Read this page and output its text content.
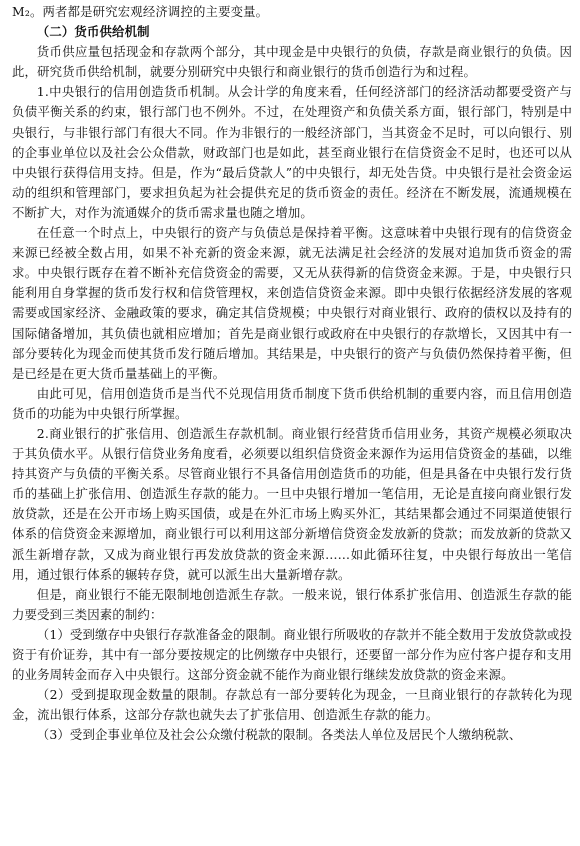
M₂。两者都是研究宏观经济调控的主要变量。

（二）货币供给机制

货币供应量包括现金和存款两个部分，其中现金是中央银行的负债，存款是商业银行的负债。因此，研究货币供给机制，就要分别研究中央银行和商业银行的货币创造行为和过程。

1.中央银行的信用创造货币机制。从会计学的角度来看，任何经济部门的经济活动都要受资产与负债平衡关系的约束，银行部门也不例外。不过，在处理资产和负债关系方面，银行部门，特别是中央银行，与非银行部门有很大不同。作为非银行的一般经济部门，当其资金不足时，可以向银行、别的企事业单位以及社会公众借款，财政部门也是如此，甚至商业银行在信贷资金不足时，也还可以从中央银行获得信用支持。但是，作为“最后贷款人”的中央银行，却无处告贷。中央银行是社会资金运动的组织和管理部门，要求担负起为社会提供充足的货币资金的责任。经济在不断发展，流通规模在不断扩大，对作为流通媒介的货币需求量也随之增加。

在任意一个时点上，中央银行的资产与负债总是保持着平衡。这意味着中央银行现有的信贷资金来源已经被全数占用，如果不补充新的资金来源，就无法满足社会经济的发展对追加货币资金的需求。中央银行既存在着不断补充信贷资金的需要，又无从获得新的信贷资金来源。于是，中央银行只能利用自身掌握的货币发行权和信贷管理权，来创造信贷资金来源。即中央银行依据经济发展的客观需要或国家经济、金融政策的要求，确定其信贷规模；中央银行对商业银行、政府的债权以及持有的国际储备增加，其负债也就相应增加；首先是商业银行或政府在中央银行的存款增长，又因其中有一部分要转化为现金而使其货币发行随后增加。其结果是，中央银行的资产与负债仍然保持着平衡，但是已经是在更大货币量基础上的平衡。

由此可见，信用创造货币是当代不兑现信用货币制度下货币供给机制的重要内容，而且信用创造货币的功能为中央银行所掌握。

2.商业银行的扩张信用、创造派生存款机制。商业银行经营货币信用业务，其资产规模必须取决于其负债水平。从银行信贷业务角度看，必须要以组织信贷资金来源作为运用信贷资金的基础，以维持其资产与负债的平衡关系。尽管商业银行不具备信用创造货币的功能，但是具备在中央银行发行货币的基础上扩张信用、创造派生存款的能力。一旦中央银行增加一笔信用，无论是直接向商业银行发放贷款，还是在公开市场上购买国债，或是在外汇市场上购买外汇，其结果都会通过不同渠道使银行体系的信贷资金来源增加，商业银行可以利用这部分新增信贷资金发放新的贷款；而发放新的贷款又派生新增存款，又成为商业银行再发放贷款的资金来源……如此循环往复，中央银行每放出一笔信用，通过银行体系的辗转存贷，就可以派生出大量新增存款。

但是，商业银行不能无限制地创造派生存款。一般来说，银行体系扩张信用、创造派生存款的能力要受到三类因素的制约：

（1）受到缴存中央银行存款准备金的限制。商业银行所吸收的存款并不能全数用于发放贷款或投资于有价证券，其中有一部分要按规定的比例缴存中央银行，还要留一部分作为应付客户提存和支用的业务周转金而存入中央银行。这部分资金就不能作为商业银行继续发放贷款的资金来源。

（2）受到提取现金数量的限制。存款总有一部分要转化为现金，一旦商业银行的存款转化为现金，流出银行体系，这部分存款也就失去了扩张信用、创造派生存款的能力。

（3）受到企事业单位及社会公众缴付税款的限制。各类法人单位及居民个人缴纳税款、
